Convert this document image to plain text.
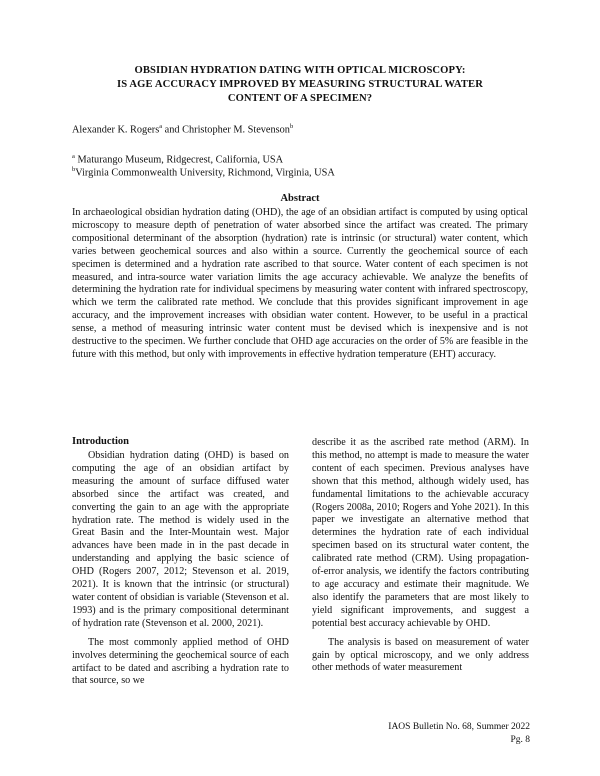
OBSIDIAN HYDRATION DATING WITH OPTICAL MICROSCOPY:
IS AGE ACCURACY IMPROVED BY MEASURING STRUCTURAL WATER
CONTENT OF A SPECIMEN?
Alexander K. Rogers$^a$ and Christopher M. Stevenson$^b$
$^a$ Maturango Museum, Ridgecrest, California, USA
$^b$Virginia Commonwealth University, Richmond, Virginia, USA
Abstract
In archaeological obsidian hydration dating (OHD), the age of an obsidian artifact is computed by using optical microscopy to measure depth of penetration of water absorbed since the artifact was created. The primary compositional determinant of the absorption (hydration) rate is intrinsic (or structural) water content, which varies between geochemical sources and also within a source. Currently the geochemical source of each specimen is determined and a hydration rate ascribed to that source. Water content of each specimen is not measured, and intra-source water variation limits the age accuracy achievable. We analyze the benefits of determining the hydration rate for individual specimens by measuring water content with infrared spectroscopy, which we term the calibrated rate method. We conclude that this provides significant improvement in age accuracy, and the improvement increases with obsidian water content. However, to be useful in a practical sense, a method of measuring intrinsic water content must be devised which is inexpensive and is not destructive to the specimen. We further conclude that OHD age accuracies on the order of 5% are feasible in the future with this method, but only with improvements in effective hydration temperature (EHT) accuracy.
Introduction

Obsidian hydration dating (OHD) is based on computing the age of an obsidian artifact by measuring the amount of surface diffused water absorbed since the artifact was created, and converting the gain to an age with the appropriate hydration rate. The method is widely used in the Great Basin and the Inter-Mountain west. Major advances have been made in in the past decade in understanding and applying the basic science of OHD (Rogers 2007, 2012; Stevenson et al. 2019, 2021). It is known that the intrinsic (or structural) water content of obsidian is variable (Stevenson et al. 1993) and is the primary compositional determinant of hydration rate (Stevenson et al. 2000, 2021).

The most commonly applied method of OHD involves determining the geochemical source of each artifact to be dated and ascribing a hydration rate to that source, so we

describe it as the ascribed rate method (ARM). In this method, no attempt is made to measure the water content of each specimen. Previous analyses have shown that this method, although widely used, has fundamental limitations to the achievable accuracy (Rogers 2008a, 2010; Rogers and Yohe 2021). In this paper we investigate an alternative method that determines the hydration rate of each individual specimen based on its structural water content, the calibrated rate method (CRM). Using propagation-of-error analysis, we identify the factors contributing to age accuracy and estimate their magnitude. We also identify the parameters that are most likely to yield significant improvements, and suggest a potential best accuracy achievable by OHD.

The analysis is based on measurement of water gain by optical microscopy, and we only address other methods of water measurement

IAOS Bulletin No. 68, Summer 2022
Pg. 8
